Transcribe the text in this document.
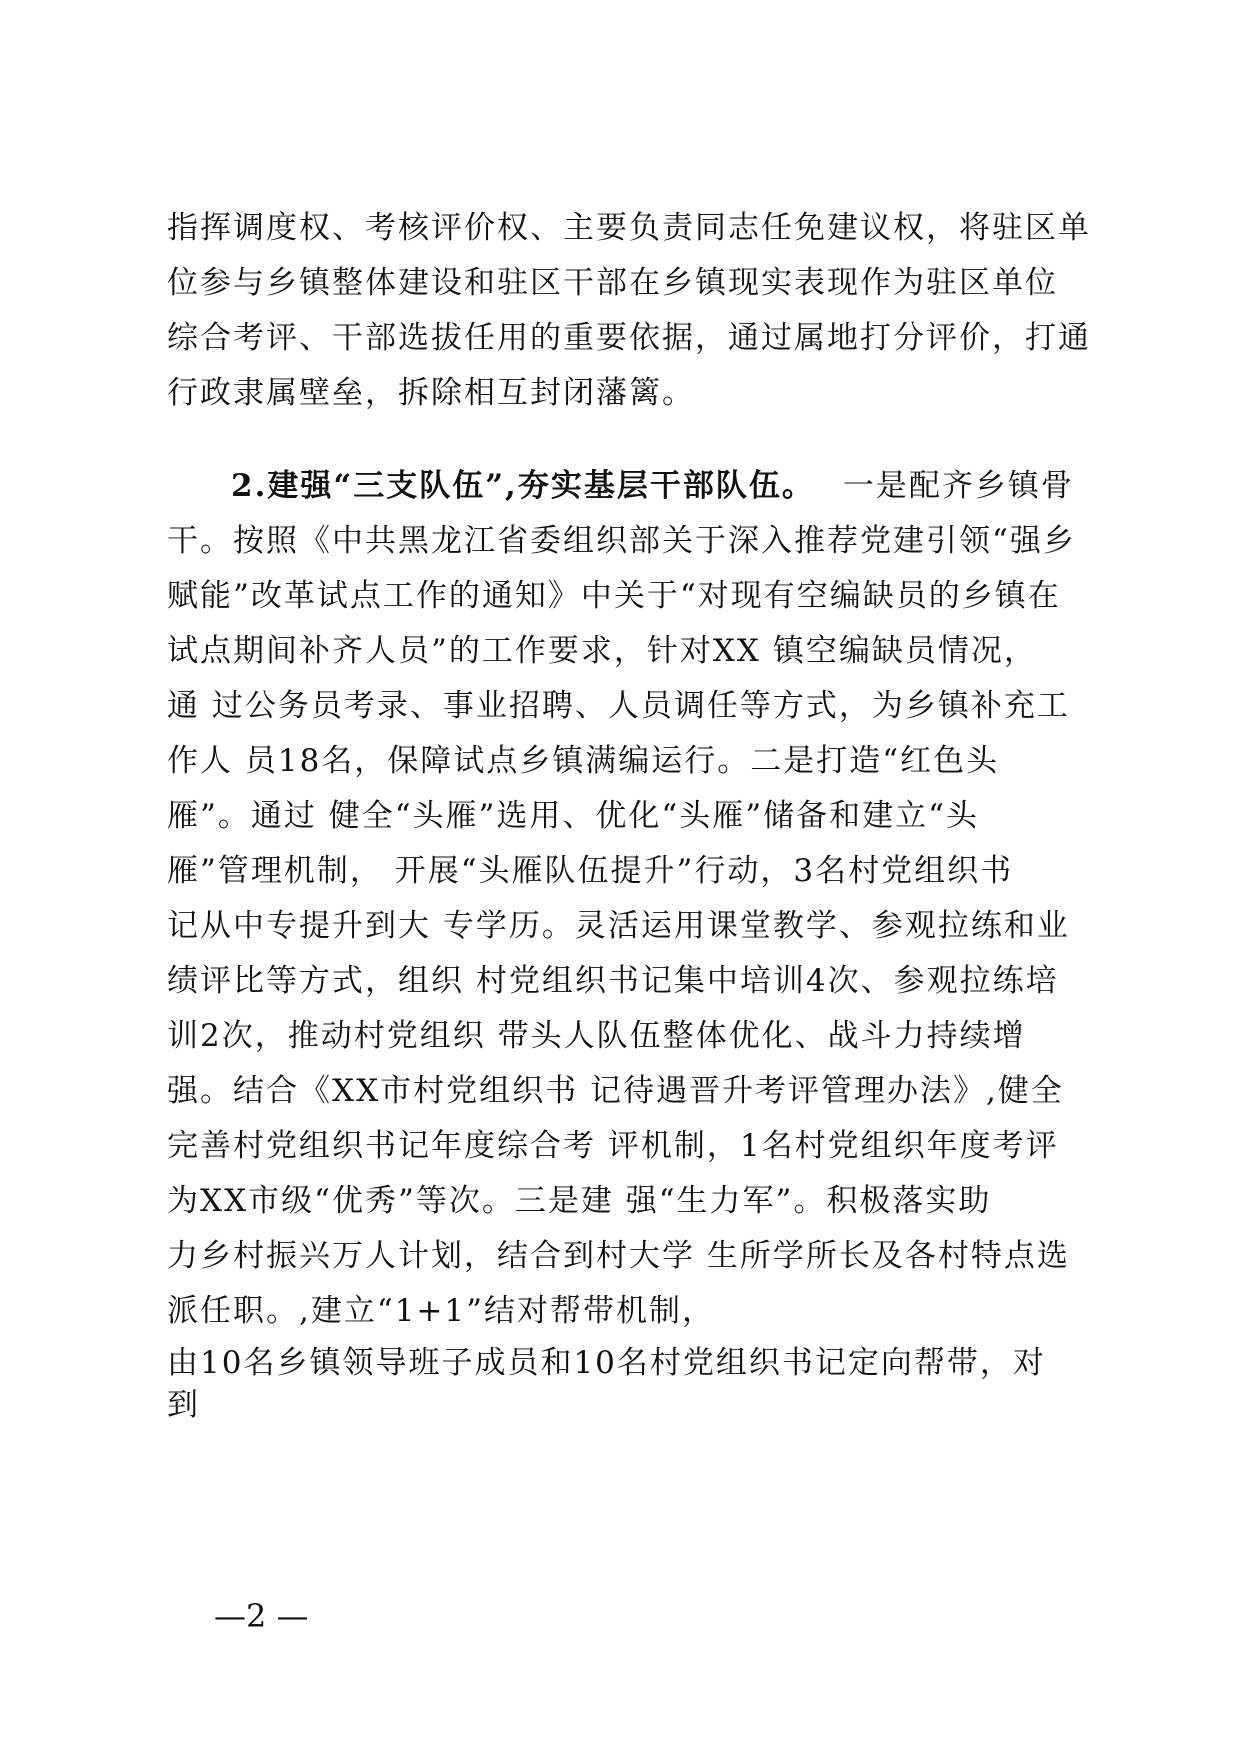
指挥调度权、考核评价权、主要负责同志任免建议权，将驻区单
位参与乡镇整体建设和驻区干部在乡镇现实表现作为驻区单位
综合考评、干部选拔任用的重要依据，通过属地打分评价，打通
行政隶属壁垒，拆除相互封闭藩篱。
2.建强“三支队伍”,夯实基层干部队伍。 一是配齐乡镇骨
干。按照《中共黑龙江省委组织部关于深入推荐党建引领“强乡
赋能”改革试点工作的通知》中关于“对现有空编缺员的乡镇在
试点期间补齐人员”的工作要求，针对XX 镇空编缺员情况，
通 过公务员考录、事业招聘、人员调任等方式，为乡镇补充工
作人 员18名，保障试点乡镇满编运行。二是打造“红色头
雁”。通过 健全“头雁”选用、优化“头雁”储备和建立“头
雁”管理机制， 开展“头雁队伍提升”行动，3名村党组织书
记从中专提升到大 专学历。灵活运用课堂教学、参观拉练和业
绩评比等方式，组织 村党组织书记集中培训4次、参观拉练培
训2次，推动村党组织 带头人队伍整体优化、战斗力持续增
强。结合《XX市村党组织书 记待遇晋升考评管理办法》,健全
完善村党组织书记年度综合考 评机制，1名村党组织年度考评
为XX市级“优秀”等次。三是建 强“生力军”。积极落实助
力乡村振兴万人计划，结合到村大学 生所学所长及各村特点选
派任职。,建立“1+1”结对帮带机制，
由10名乡镇领导班子成员和10名村党组织书记定向帮带，对
到
—2 —
